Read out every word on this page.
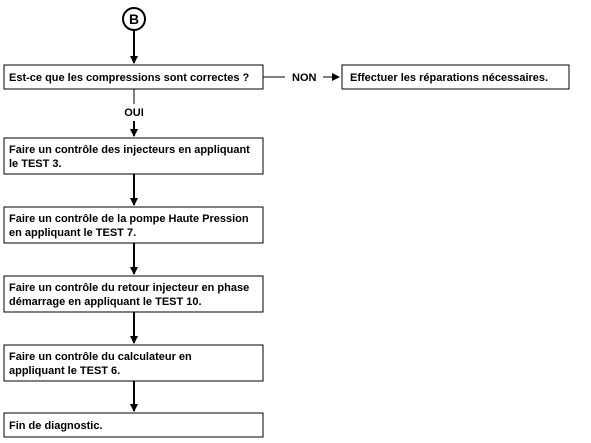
B
Est-ce que les compressions sont correctes ?	NON	Effectuer les réparations nécessaires.
OUI
Faire un contrôle des injecteurs en appliquant
le TEST 3.
Faire un contrôle de la pompe Haute Pression
en appliquant le TEST 7.
Faire un contrôle du retour injecteur en phase
démarrage en appliquant le TEST 10.
Faire un contrôle du calculateur en
appliquant le TEST 6.
Fin de diagnostic.
